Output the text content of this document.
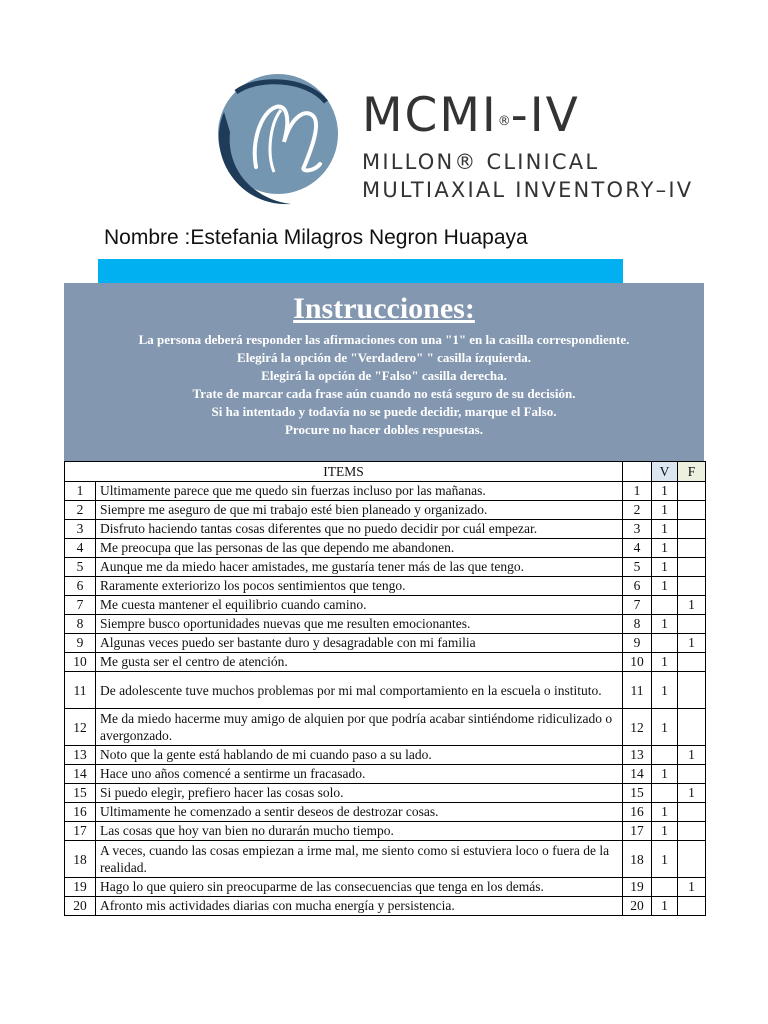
MCMI®-IV
MILLON® CLINICAL
MULTIAXIAL INVENTORY–IV
Nombre :Estefania Milagros Negron Huapaya
Instrucciones:
La persona deberá responder las afirmaciones con una "1" en la casilla correspondiente.
Elegirá la opción de "Verdadero" " casilla ízquierda.
Elegirá la opción de "Falso" casilla derecha.
Trate de marcar cada frase aún cuando no está seguro de su decisión.
Si ha intentado y todavía no se puede decidir, marque el Falso.
Procure no hacer dobles respuestas.
ITEMS			V	F
1	Ultimamente parece que me quedo sin fuerzas incluso por las mañanas.	1	1	
2	Siempre me aseguro de que mi trabajo esté bien planeado y organizado.	2	1	
3	Disfruto haciendo tantas cosas diferentes que no puedo decidir por cuál empezar.	3	1	
4	Me preocupa que las personas de las que dependo me abandonen.	4	1	
5	Aunque me da miedo hacer amistades, me gustaría tener más de las que tengo.	5	1	
6	Raramente exteriorizo los pocos sentimientos que tengo.	6	1	
7	Me cuesta mantener el equilibrio cuando camino.	7		1
8	Siempre busco oportunidades nuevas que me resulten emocionantes.	8	1	
9	Algunas veces puedo ser bastante duro y desagradable con mi familia	9		1
10	Me gusta ser el centro de atención.	10	1	
11	De adolescente tuve muchos problemas por mi mal comportamiento en la escuela o instituto.	11	1	
12	Me da miedo hacerme muy amigo de alquien por que podría acabar sintiéndome ridiculizado o avergonzado.	12	1	
13	Noto que la gente está hablando de mi cuando paso a su lado.	13		1
14	Hace uno años comencé a sentirme un fracasado.	14	1	
15	Si puedo elegir, prefiero hacer las cosas solo.	15		1
16	Ultimamente he comenzado a sentir deseos de destrozar cosas.	16	1	
17	Las cosas que hoy van bien no durarán mucho tiempo.	17	1	
18	A veces, cuando las cosas empiezan a irme mal, me siento como si estuviera loco o fuera de la realidad.	18	1	
19	Hago lo que quiero sin preocuparme de las consecuencias que tenga en los demás.	19		1
20	Afronto mis actividades diarias con mucha energía y persistencia.	20	1	
